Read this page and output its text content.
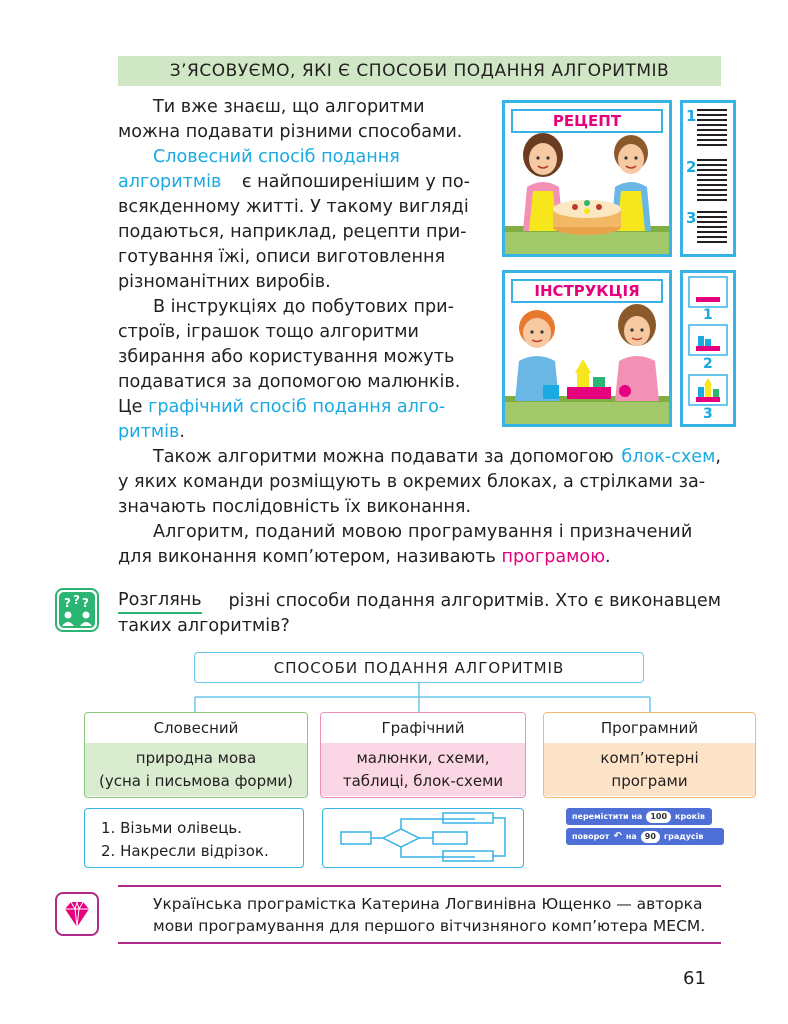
З’ЯСОВУЄМО, ЯКІ Є СПОСОБИ ПОДАННЯ АЛГОРИТМІВ
Ти вже знаєш, що алгоритми
можна подавати різними способами.
Словесний спосіб подання
алгоритмів є найпоширенішим у по-
всякденному житті. У такому вигляді
подаються, наприклад, рецепти при-
готування їжі, описи виготовлення
різноманітних виробів.
В інструкціях до побутових при-
строїв, іграшок тощо алгоритми
збирання або користування можуть
подаватися за допомогою малюнків.
Це графічний спосіб подання алго-
ритмів.
РЕЦЕПТ	1
2
3
ІНСТРУКЦІЯ
1
2
3
Також алгоритми можна подавати за допомогою блок-схем,
у яких команди розміщують в окремих блоках, а стрілками за-
значають послідовність їх виконання.
Алгоритм, поданий мовою програмування і призначений
для виконання комп’ютером, називають програмою.
? ? ? Розглянь різні способи подання алгоритмів. Хто є виконавцем
таких алгоритмів?
СПОСОБИ ПОДАННЯ АЛГОРИТМІВ
Словесний
природна мова
(усна і письмова форми)
1. Візьми олівець.
2. Накресли відрізок.
Графічний
малюнки, схеми,
таблиці, блок-схеми
Програмний
комп’ютерні
програми
перемістити на	100	кроків
поворот ↶ на	90	градусів
Українська програмістка Катерина Логвинівна Ющенко — авторка
мови програмування для першого вітчизняного комп’ютера МЕСМ.
61
